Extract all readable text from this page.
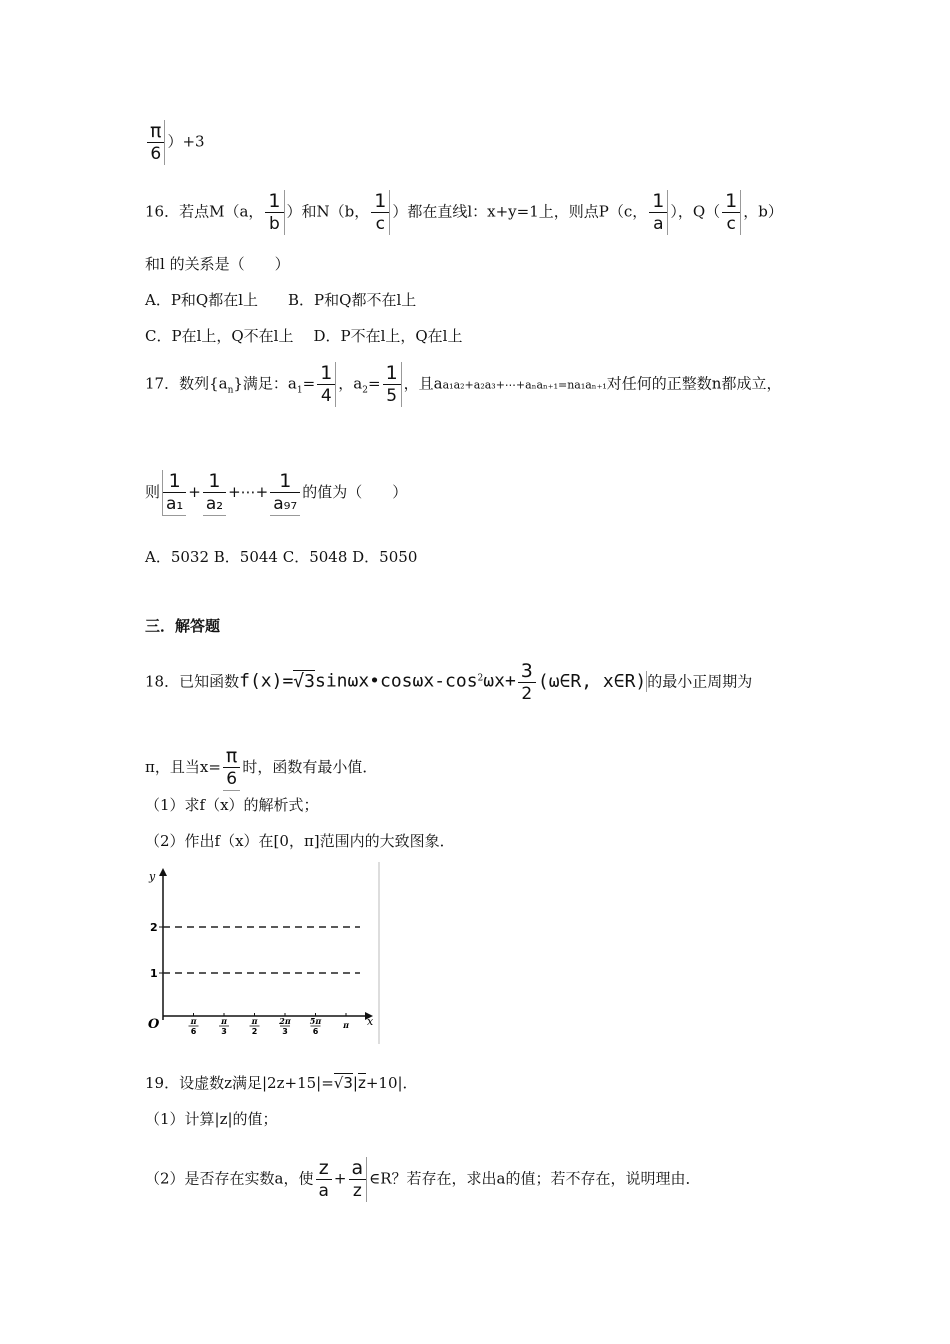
$\frac{\pi}{6} )+3$
16．若点M（a， $\frac{1}{b}$ ）和N（b， $\frac{1}{c}$ ）都在直线l：x+y=1上，则点P（c， $\frac{1}{a}$ ），$Q( \frac{1}{c}$ ，b）
和l 的关系是（　　）
A．P和Q都在l上 B．P和Q都不在l上
C．P在l上，Q不在l上 D．P不在l上，Q在l上
17．数列$\{a_n\}$满足：$a_1= \frac{1}{4}$ ，$a_2= \frac{1}{5}$ ，且aa₁a₂+a₂a₃+⋯+aₙaₙ₊₁=na₁aₙ₊₁对任何的正整数n都成立，
则 $\frac{1}{\text{a₁}} + \frac{1}{\text{a₂}}$ +⋯+ $\frac{1}{\text{a₉₇}}$ 的值为（　　）
A．5032 B．5044 C．5048 D．5050
三．解答题
18．已知函数$f(x)=√3\sin\omega x•\cos\omega x-\cos^2\omega x+ \frac{3}{2}$ (ω∈R, x∈R)的最小正周期为
π，且当$x= \frac{\pi}{6}$ 时，函数有最小值．
（1）求f（x）的解析式；
（2）作出f（x）在[0，π]范围内的大致图象．
y
x
O
2
1
π
6
π
3
π
2
2π
3
5π
6
π
19．设虚数z满足|2z+15|=√3|z+10|．
（1）计算|z|的值；
（2）是否存在实数a，使 $\frac{z}{a} + \frac{a}{z}$ ∈R？若存在，求出a的值；若不存在，说明理由．
